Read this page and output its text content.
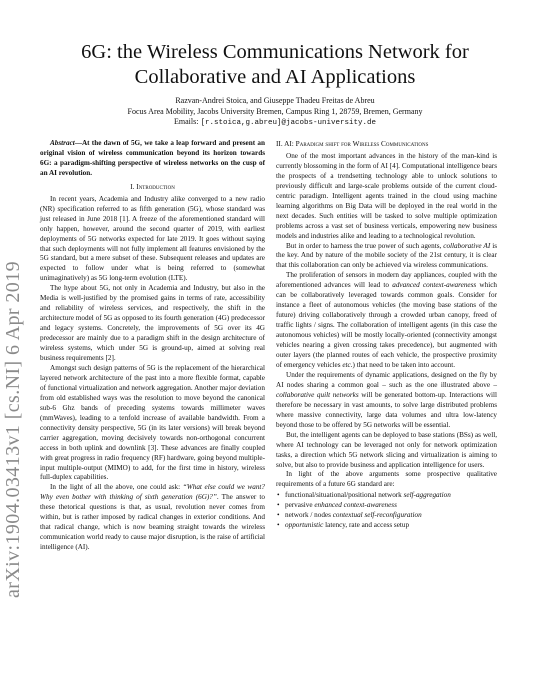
arXiv:1904.03413v1 [cs.NI] 6 Apr 2019
6G: the Wireless Communications Network for
Collaborative and AI Applications
Razvan-Andrei Stoica, and Giuseppe Thadeu Freitas de Abreu
Focus Area Mobility, Jacobs University Bremen, Campus Ring 1, 28759, Bremen, Germany
Emails: [r.stoica,g.abreu]@jacobs-university.de

Abstract—At the dawn of 5G, we take a leap forward and present an original vision of wireless communication beyond its horizon towards 6G: a paradigm-shifting perspective of wireless networks on the cusp of an AI revolution.

I. Introduction

In recent years, Academia and Industry alike converged to a new radio (NR) specification referred to as fifth generation (5G), whose standard was just released in June 2018 [1]. A freeze of the aforementioned standard will only happen, however, around the second quarter of 2019, with earliest deployments of 5G networks expected for late 2019. It goes without saying that such deployments will not fully implement all features envisioned by the 5G standard, but a mere subset of these. Subsequent releases and updates are expected to follow under what is being referred to (somewhat unimaginatively) as 5G long-term evolution (LTE).

The hype about 5G, not only in Academia and Industry, but also in the Media is well-justified by the promised gains in terms of rate, accessibility and reliability of wireless services, and respectively, the shift in the architecture model of 5G as opposed to its fourth generation (4G) predecessor and legacy systems. Concretely, the improvements of 5G over its 4G predecessor are mainly due to a paradigm shift in the design architecture of wireless systems, which under 5G is ground-up, aimed at solving real business requirements [2].

Amongst such design patterns of 5G is the replacement of the hierarchical layered network architecture of the past into a more flexible format, capable of functional virtualization and network aggregation. Another major deviation from old established ways was the resolution to move beyond the canonical sub-6 Ghz bands of preceding systems towards millimeter waves (mmWaves), leading to a tenfold increase of available bandwidth. From a connectivity density perspective, 5G (in its later versions) will break beyond carrier aggregation, moving decisively towards non-orthogonal concurrent access in both uplink and downlink [3]. These advances are finally coupled with great progress in radio frequency (RF) hardware, going beyond multiple-input multiple-output (MIMO) to add, for the first time in history, wireless full-duplex capabilities.

In the light of all the above, one could ask: “What else could we want? Why even bother with thinking of sixth generation (6G)?”. The answer to these thetorical questions is that, as usual, revolution never comes from within, but is rather imposed by radical changes in exterior conditions. And that radical change, which is now beaming straight towards the wireless communication world ready to cause major disruption, is the raise of artificial intelligence (AI).

II. AI: Paradigm shift for Wireless Communications

One of the most important advances in the history of the man-kind is currently blossoming in the form of AI [4]. Computational intelligence bears the prospects of a trendsetting technology able to unlock solutions to previously difficult and large-scale problems outside of the current cloud-centric paradigm. Intelligent agents trained in the cloud using machine learning algorithms on Big Data will be deployed in the real world in the next decades. Such entities will be tasked to solve multiple optimization problems across a vast set of business verticals, empowering new business models and industries alike and leading to a technological revolution.

But in order to harness the true power of such agents, collaborative AI is the key. And by nature of the mobile society of the 21st century, it is clear that this collaboration can only be achieved via wireless communications.

The proliferation of sensors in modern day appliances, coupled with the aforementioned advances will lead to advanced context-awareness which can be collaboratively leveraged towards common goals. Consider for instance a fleet of autonomous vehicles (the moving base stations of the future) driving collaboratively through a crowded urban canopy, freed of traffic lights / signs. The collaboration of intelligent agents (in this case the autonomous vehicles) will be mostly locally-oriented (connectivity amongst vehicles nearing a given crossing takes precedence), but augmented with outer layers (the planned routes of each vehicle, the prospective proximity of emergency vehicles etc.) that need to be taken into account.

Under the requirements of dynamic applications, designed on the fly by AI nodes sharing a common goal – such as the one illustrated above – collaborative quilt networks will be generated bottom-up. Interactions will therefore be necessary in vast amounts, to solve large distributed problems where massive connectivity, large data volumes and ultra low-latency beyond those to be offered by 5G networks will be essential.

But, the intelligent agents can be deployed to base stations (BSs) as well, where AI technology can be leveraged not only for network optimization tasks, a direction which 5G network slicing and virtualization is aiming to solve, but also to provide business and application intelligence for users.

In light of the above arguments some prospective qualitative requirements of a future 6G standard are:

• functional/situational/positional network self-aggregation
• pervasive enhanced context-awareness
• network / nodes contextual self-reconfiguration
• opportunistic latency, rate and access setup
